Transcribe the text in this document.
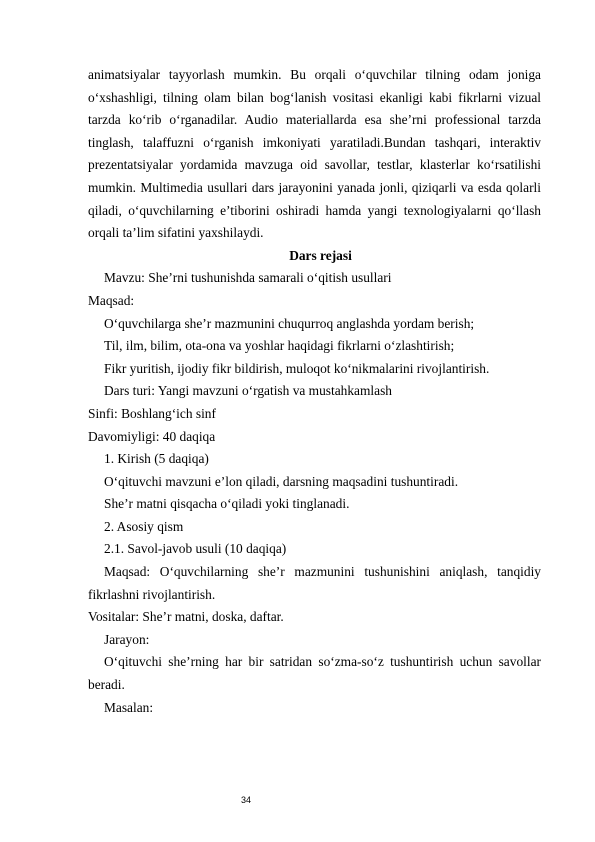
animatsiyalar tayyorlash mumkin. Bu orqali o‘quvchilar tilning odam joniga o‘xshashligi, tilning olam bilan bog‘lanish vositasi ekanligi kabi fikrlarni vizual tarzda ko‘rib o‘rganadilar. Audio materiallarda esa she’rni professional tarzda tinglash, talaffuzni o‘rganish imkoniyati yaratiladi.Bundan tashqari, interaktiv prezentatsiyalar yordamida mavzuga oid savollar, testlar, klasterlar ko‘rsatilishi mumkin. Multimedia usullari dars jarayonini yanada jonli, qiziqarli va esda qolarli qiladi, o‘quvchilarning e’tiborini oshiradi hamda yangi texnologiyalarni qo‘llash orqali ta’lim sifatini yaxshilaydi.

Dars rejasi

Mavzu: She’rni tushunishda samarali o‘qitish usullari

Maqsad:

O‘quvchilarga she’r mazmunini chuqurroq anglashda yordam berish;

Til, ilm, bilim, ota-ona va yoshlar haqidagi fikrlarni o‘zlashtirish;

Fikr yuritish, ijodiy fikr bildirish, muloqot ko‘nikmalarini rivojlantirish.

Dars turi: Yangi mavzuni o‘rgatish va mustahkamlash

Sinfi: Boshlang‘ich sinf

Davomiyligi: 40 daqiqa

1. Kirish (5 daqiqa)

O‘qituvchi mavzuni e’lon qiladi, darsning maqsadini tushuntiradi.

She’r matni qisqacha o‘qiladi yoki tinglanadi.

2. Asosiy qism

2.1. Savol-javob usuli (10 daqiqa)

Maqsad: O‘quvchilarning she’r mazmunini tushunishini aniqlash, tanqidiy fikrlashni rivojlantirish.

Vositalar: She’r matni, doska, daftar.

Jarayon:

O‘qituvchi she’rning har bir satridan so‘zma-so‘z tushuntirish uchun savollar beradi.

Masalan:

34
